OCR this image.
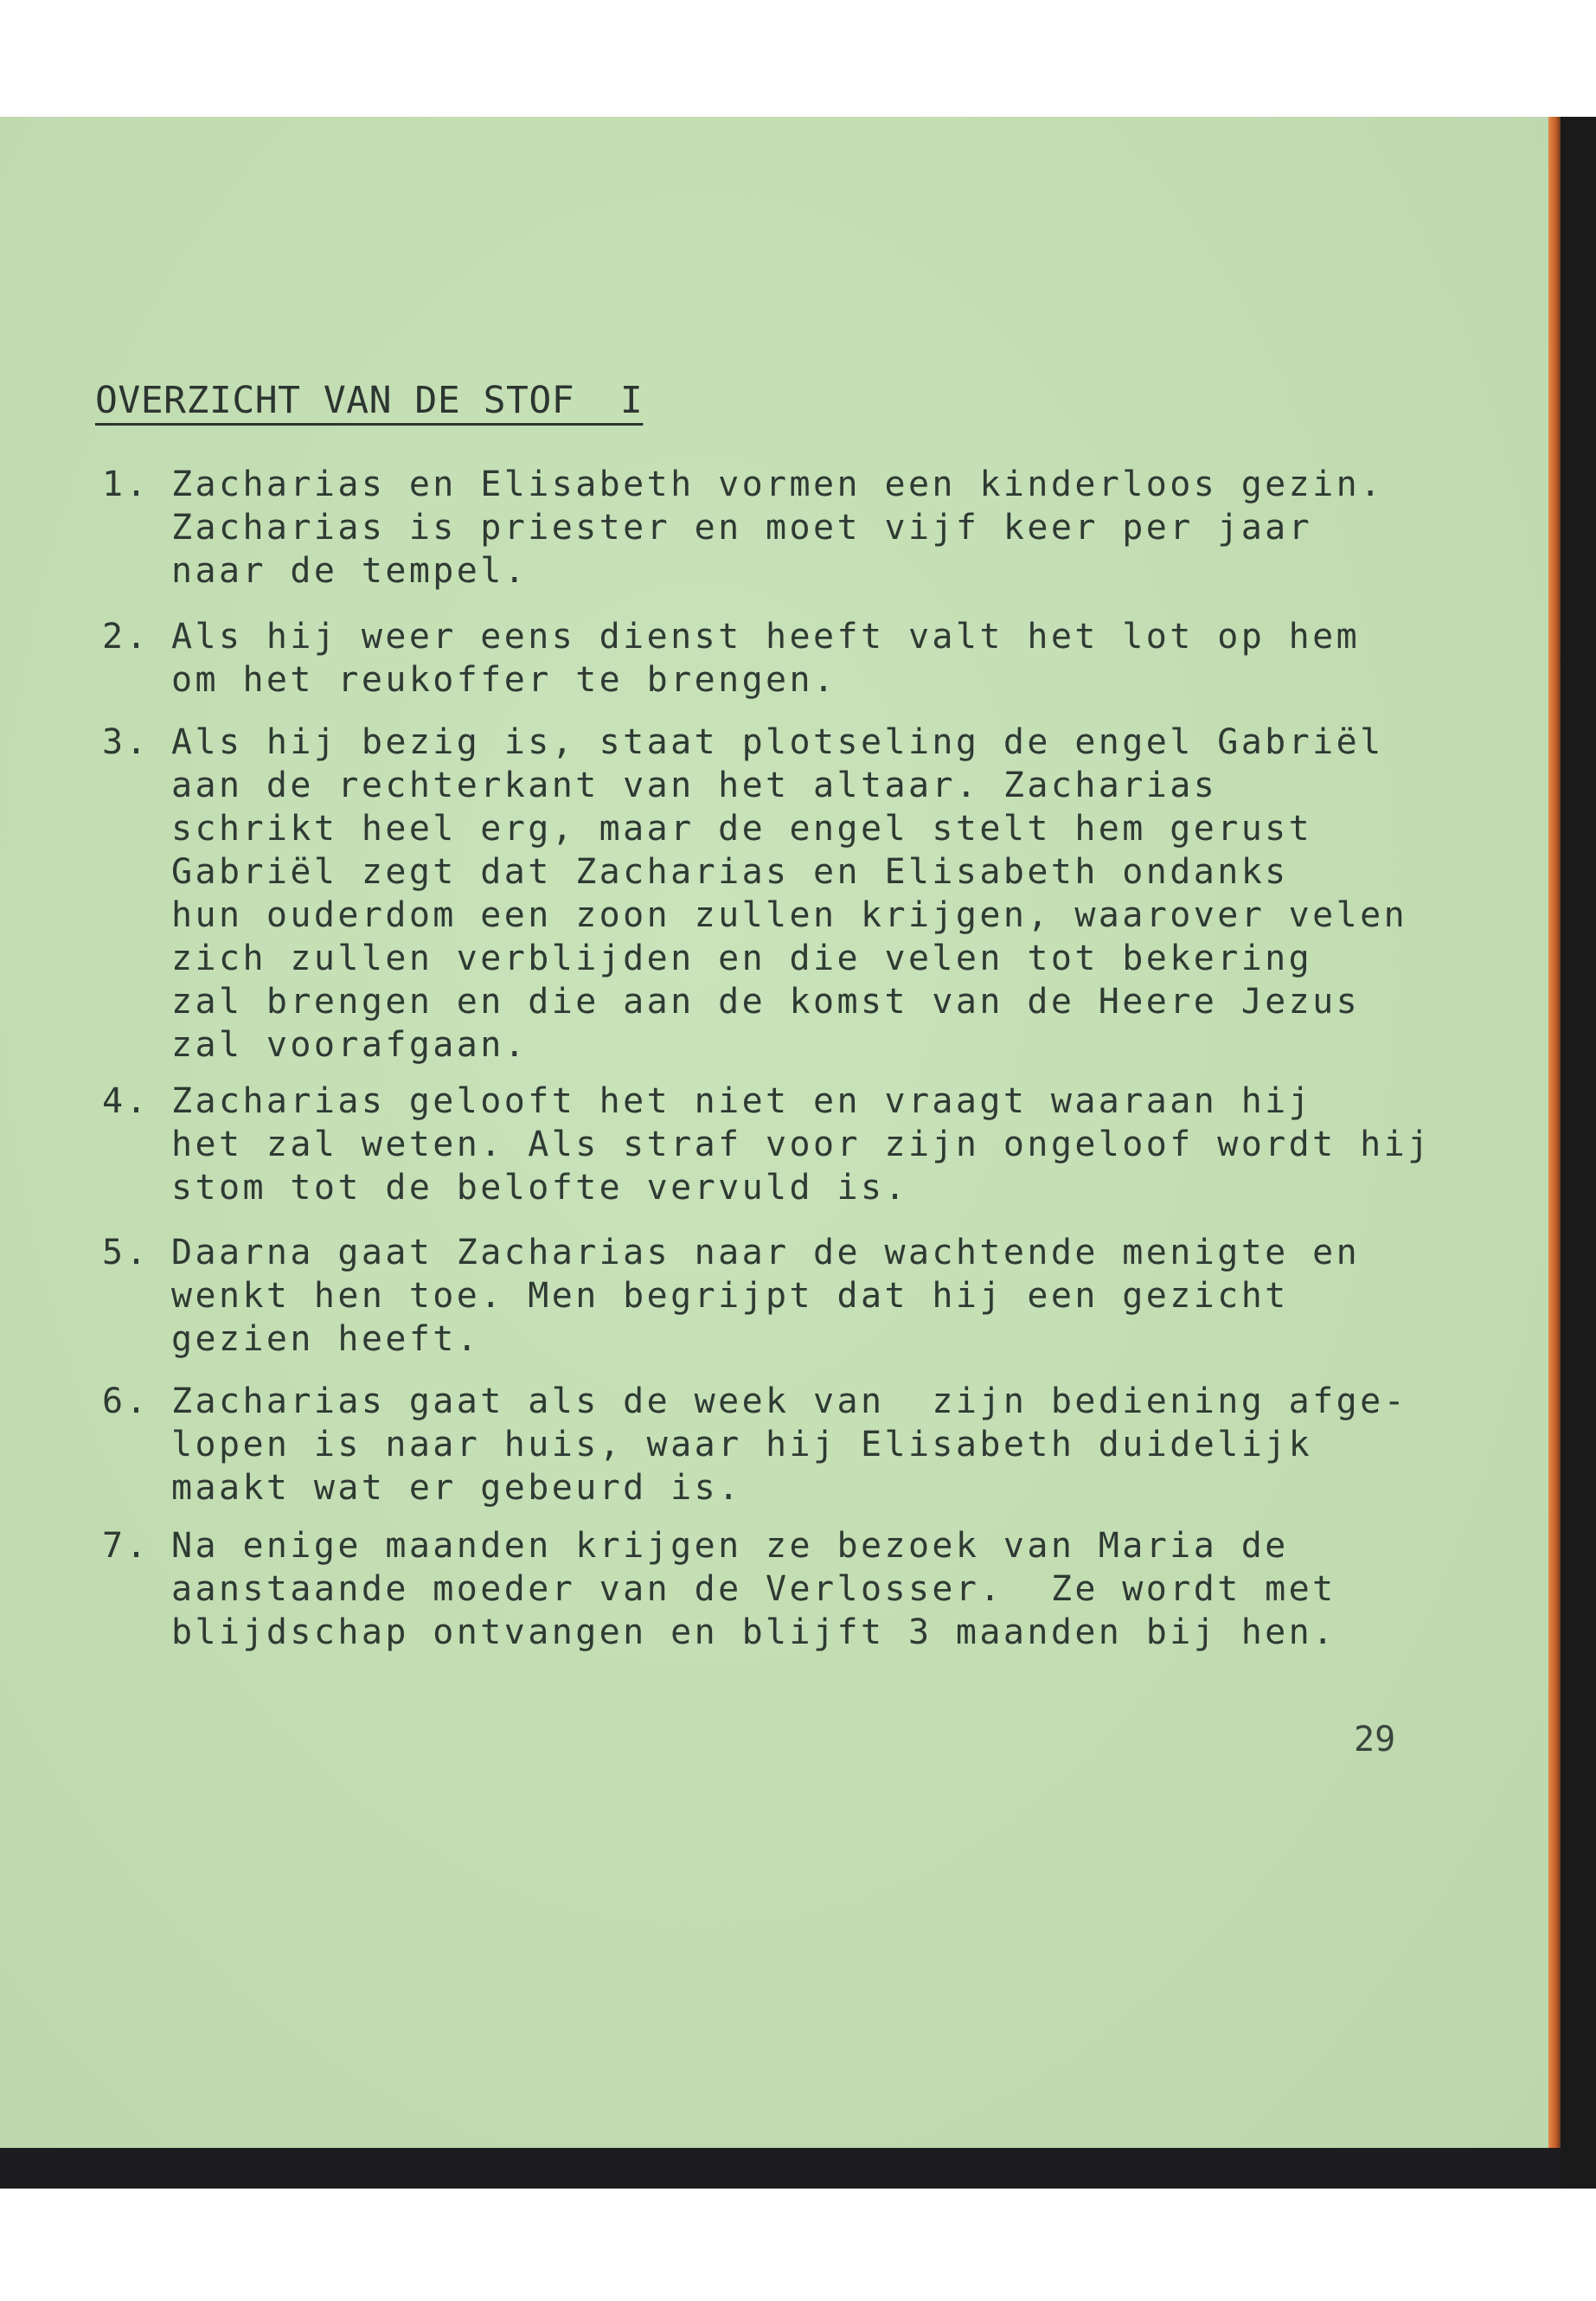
OVERZICHT VAN DE STOF  I
1. Zacharias en Elisabeth vormen een kinderloos gezin.
Zacharias is priester en moet vijf keer per jaar
naar de tempel.
2. Als hij weer eens dienst heeft valt het lot op hem
om het reukoffer te brengen.
3. Als hij bezig is, staat plotseling de engel Gabriël
aan de rechterkant van het altaar. Zacharias
schrikt heel erg, maar de engel stelt hem gerust
Gabriël zegt dat Zacharias en Elisabeth ondanks
hun ouderdom een zoon zullen krijgen, waarover velen
zich zullen verblijden en die velen tot bekering
zal brengen en die aan de komst van de Heere Jezus
zal voorafgaan.
4. Zacharias gelooft het niet en vraagt waaraan hij
het zal weten. Als straf voor zijn ongeloof wordt hij
stom tot de belofte vervuld is.
5. Daarna gaat Zacharias naar de wachtende menigte en
wenkt hen toe. Men begrijpt dat hij een gezicht
gezien heeft.
6. Zacharias gaat als de week van  zijn bediening afge-
lopen is naar huis, waar hij Elisabeth duidelijk
maakt wat er gebeurd is.
7. Na enige maanden krijgen ze bezoek van Maria de
aanstaande moeder van de Verlosser.  Ze wordt met
blijdschap ontvangen en blijft 3 maanden bij hen.
29
